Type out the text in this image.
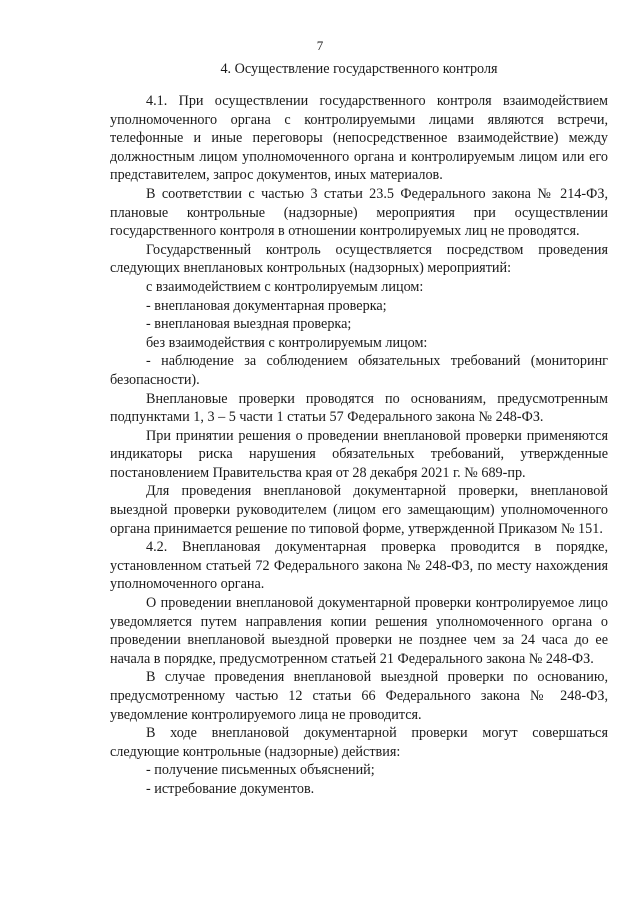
7
4. Осуществление государственного контроля

4.1. При осуществлении государственного контроля взаимодействием уполномоченного органа с контролируемыми лицами являются встречи, телефонные и иные переговоры (непосредственное взаимодействие) между должностным лицом уполномоченного органа и контролируемым лицом или его представителем, запрос документов, иных материалов.

В соответствии с частью 3 статьи 23.5 Федерального закона № 214-ФЗ, плановые контрольные (надзорные) мероприятия при осуществлении государственного контроля в отношении контролируемых лиц не проводятся.

Государственный контроль осуществляется посредством проведения следующих внеплановых контрольных (надзорных) мероприятий:

с взаимодействием с контролируемым лицом:

- внеплановая документарная проверка;

- внеплановая выездная проверка;

без взаимодействия с контролируемым лицом:

- наблюдение за соблюдением обязательных требований (мониторинг безопасности).

Внеплановые проверки проводятся по основаниям, предусмотренным подпунктами 1, 3 – 5 части 1 статьи 57 Федерального закона № 248-ФЗ.

При принятии решения о проведении внеплановой проверки применяются индикаторы риска нарушения обязательных требований, утвержденные постановлением Правительства края от 28 декабря 2021 г. № 689-пр.

Для проведения внеплановой документарной проверки, внеплановой выездной проверки руководителем (лицом его замещающим) уполномоченного органа принимается решение по типовой форме, утвержденной Приказом № 151.

4.2. Внеплановая документарная проверка проводится в порядке, установленном статьей 72 Федерального закона № 248-ФЗ, по месту нахождения уполномоченного органа.

О проведении внеплановой документарной проверки контролируемое лицо уведомляется путем направления копии решения уполномоченного органа о проведении внеплановой выездной проверки не позднее чем за 24 часа до ее начала в порядке, предусмотренном статьей 21 Федерального закона № 248-ФЗ.

В случае проведения внеплановой выездной проверки по основанию, предусмотренному частью 12 статьи 66 Федерального закона № 248-ФЗ, уведомление контролируемого лица не проводится.

В ходе внеплановой документарной проверки могут совершаться следующие контрольные (надзорные) действия:

- получение письменных объяснений;

- истребование документов.
